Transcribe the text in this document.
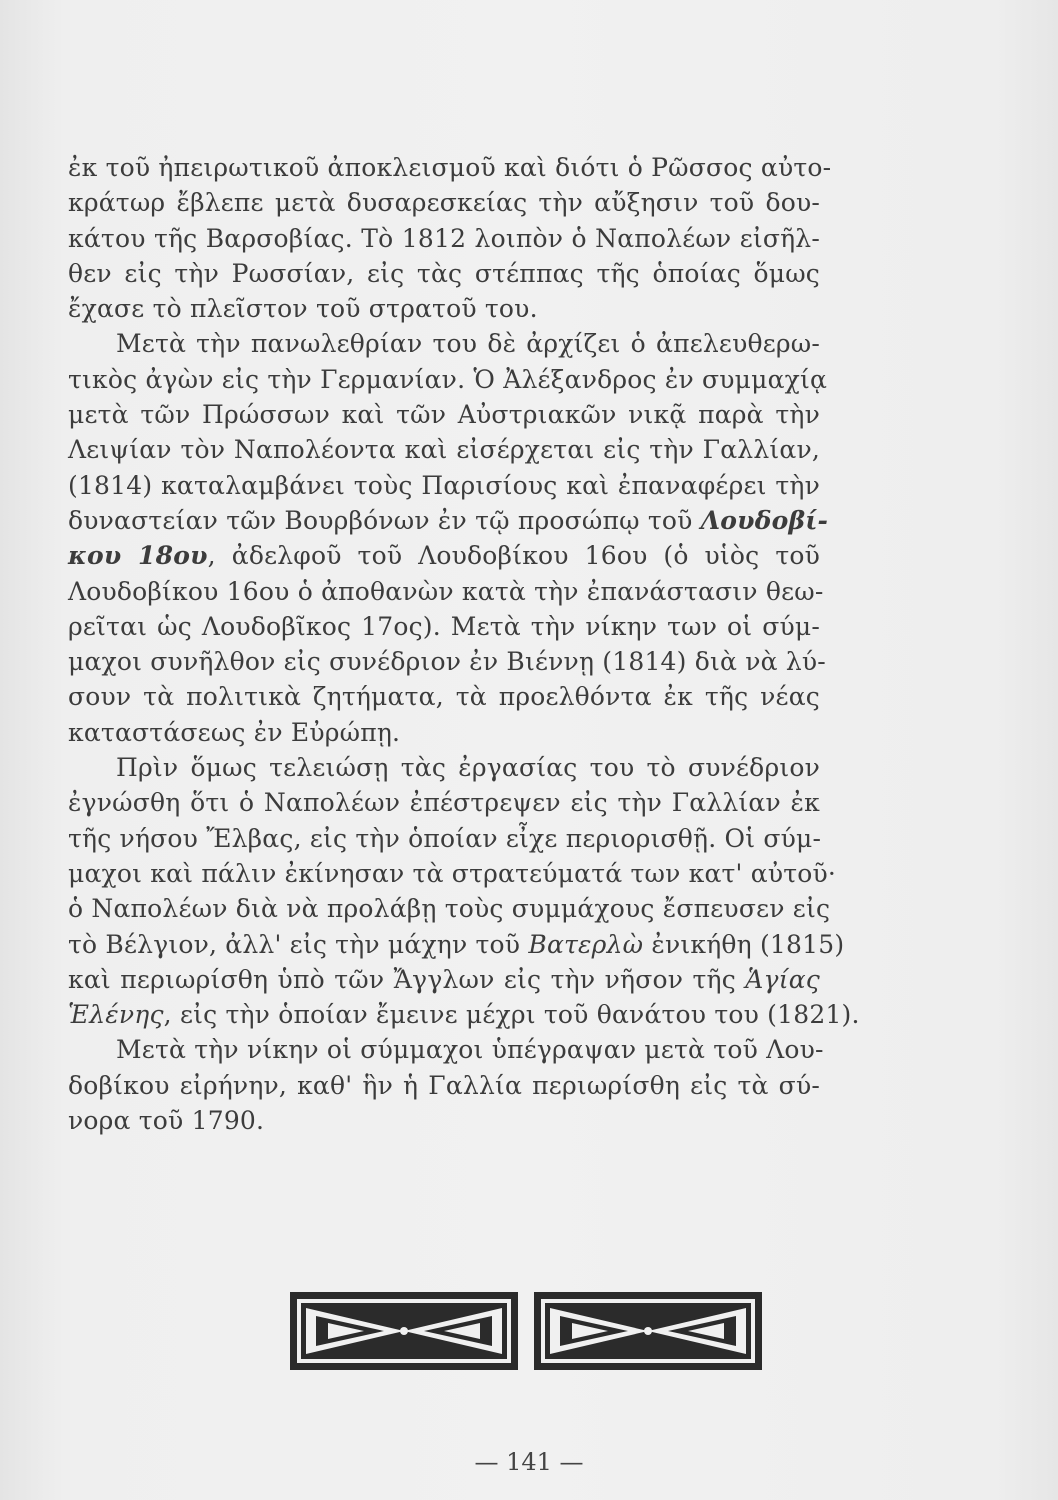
ἐκ τοῦ ἠπειρωτικοῦ ἀποκλεισμοῦ καὶ διότι ὁ Ρῶσσος αὐτο-
κράτωρ ἔβλεπε μετὰ δυσαρεσκείας τὴν αὔξησιν τοῦ δου-
κάτου τῆς Βαρσοβίας. Τὸ 1812 λοιπὸν ὁ Ναπολέων εἰσῆλ-
θεν εἰς τὴν Ρωσσίαν, εἰς τὰς στέππας τῆς ὁποίας ὅμως
ἔχασε τὸ πλεῖστον τοῦ στρατοῦ του.
Μετὰ τὴν πανωλεθρίαν του δὲ ἀρχίζει ὁ ἀπελευθερω-
τικὸς ἀγὼν εἰς τὴν Γερμανίαν. Ὁ Ἀλέξανδρος ἐν συμμαχίᾳ
μετὰ τῶν Πρώσσων καὶ τῶν Αὐστριακῶν νικᾷ παρὰ τὴν
Λειψίαν τὸν Ναπολέοντα καὶ εἰσέρχεται εἰς τὴν Γαλλίαν,
(1814) καταλαμβάνει τοὺς Παρισίους καὶ ἐπαναφέρει τὴν
δυναστείαν τῶν Βουρβόνων ἐν τῷ προσώπῳ τοῦ Λουδοβί-
κου 18ου, ἀδελφοῦ τοῦ Λουδοβίκου 16ου (ὁ υἱὸς τοῦ
Λουδοβίκου 16ου ὁ ἀποθανὼν κατὰ τὴν ἐπανάστασιν θεω-
ρεῖται ὡς Λουδοβῖκος 17ος). Μετὰ τὴν νίκην των οἱ σύμ-
μαχοι συνῆλθον εἰς συνέδριον ἐν Βιέννῃ (1814) διὰ νὰ λύ-
σουν τὰ πολιτικὰ ζητήματα, τὰ προελθόντα ἐκ τῆς νέας
καταστάσεως ἐν Εὐρώπῃ.
Πρὶν ὅμως τελειώσῃ τὰς ἐργασίας του τὸ συνέδριον
ἐγνώσθη ὅτι ὁ Ναπολέων ἐπέστρεψεν εἰς τὴν Γαλλίαν ἐκ
τῆς νήσου Ἔλβας, εἰς τὴν ὁποίαν εἶχε περιορισθῇ. Οἱ σύμ-
μαχοι καὶ πάλιν ἐκίνησαν τὰ στρατεύματά των κατ' αὐτοῦ·
ὁ Ναπολέων διὰ νὰ προλάβῃ τοὺς συμμάχους ἔσπευσεν εἰς
τὸ Βέλγιον, ἀλλ' εἰς τὴν μάχην τοῦ Βατερλὼ ἐνικήθη (1815)
καὶ περιωρίσθη ὑπὸ τῶν Ἄγγλων εἰς τὴν νῆσον τῆς Ἁγίας
Ἑλένης, εἰς τὴν ὁποίαν ἔμεινε μέχρι τοῦ θανάτου του (1821).
Μετὰ τὴν νίκην οἱ σύμμαχοι ὑπέγραψαν μετὰ τοῦ Λου-
δοβίκου εἰρήνην, καθ' ἣν ἡ Γαλλία περιωρίσθη εἰς τὰ σύ-
νορα τοῦ 1790.
— 141 —
